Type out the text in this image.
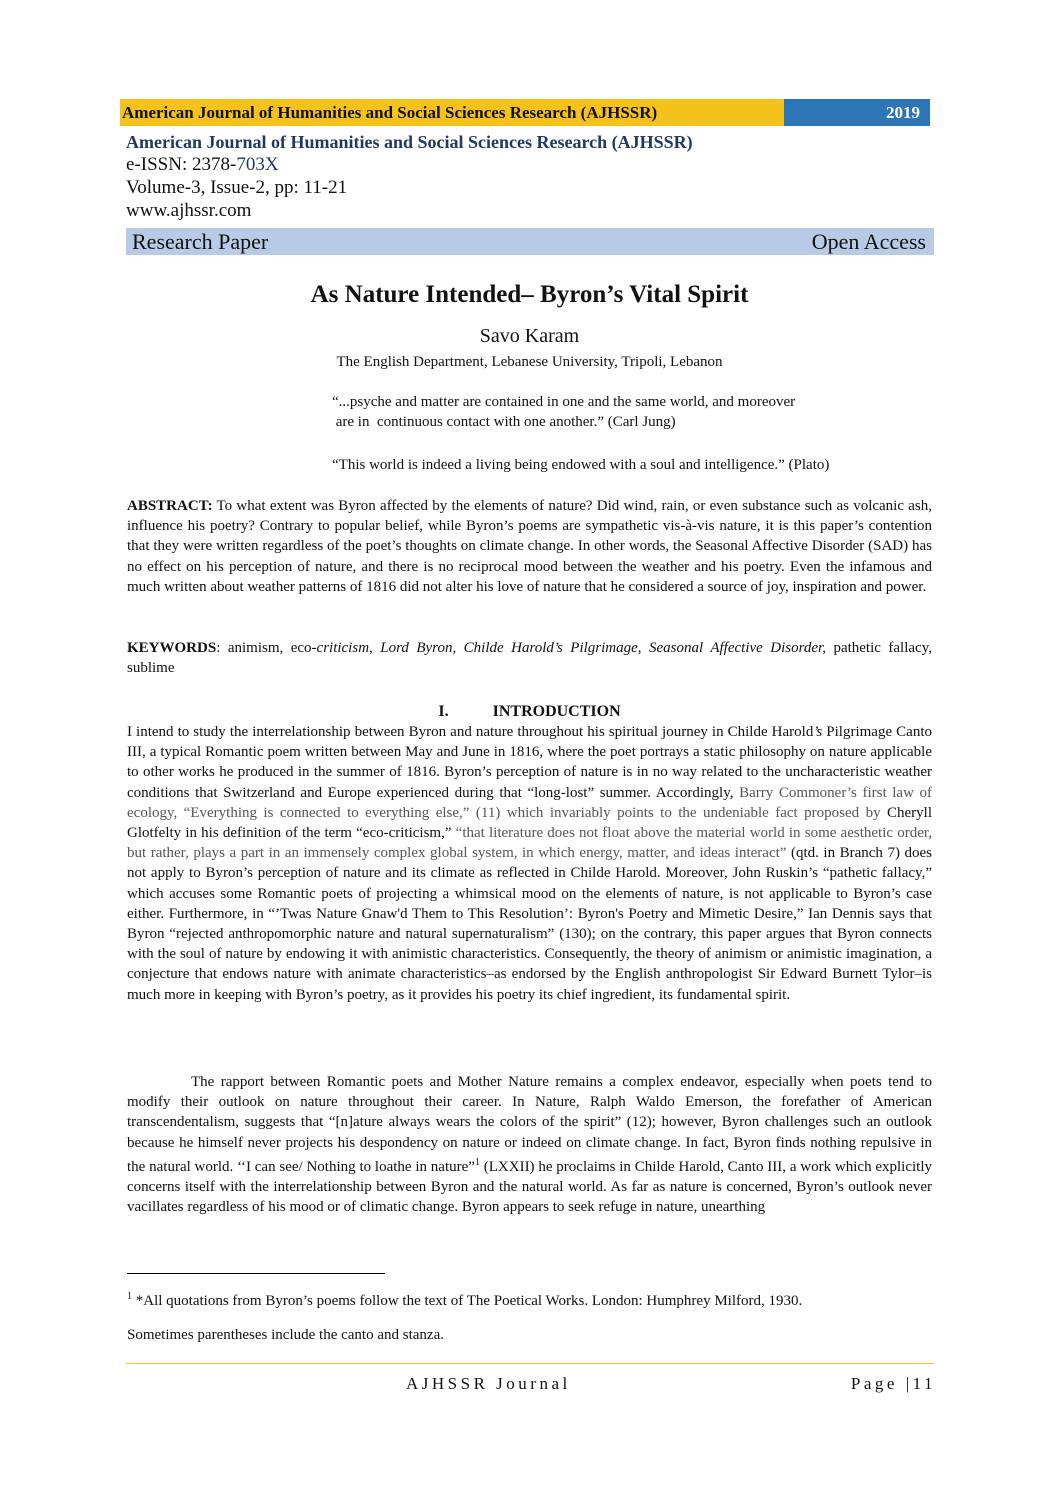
American Journal of Humanities and Social Sciences Research (AJHSSR)	2019
American Journal of Humanities and Social Sciences Research (AJHSSR)
e-ISSN: 2378-703X
Volume-3, Issue-2, pp: 11-21
www.ajhssr.com
Research Paper	Open Access
As Nature Intended– Byron’s Vital Spirit
Savo Karam
The English Department, Lebanese University, Tripoli, Lebanon
“...psyche and matter are contained in one and the same world, and moreover
are in  continuous contact with one another.” (Carl Jung)
“This world is indeed a living being endowed with a soul and intelligence.” (Plato)
ABSTRACT: To what extent was Byron affected by the elements of nature? Did wind, rain, or even substance such as volcanic ash, influence his poetry? Contrary to popular belief, while Byron’s poems are sympathetic vis-à-vis nature, it is this paper’s contention that they were written regardless of the poet’s thoughts on climate change. In other words, the Seasonal Affective Disorder (SAD) has no effect on his perception of nature, and there is no reciprocal mood between the weather and his poetry. Even the infamous and much written about weather patterns of 1816 did not alter his love of nature that he considered a source of joy, inspiration and power.
KEYWORDS: animism, eco-criticism, Lord Byron, Childe Harold’s Pilgrimage, Seasonal Affective Disorder, pathetic fallacy, sublime
I.	INTRODUCTION
I intend to study the interrelationship between Byron and nature throughout his spiritual journey in Childe Harold’s Pilgrimage Canto III, a typical Romantic poem written between May and June in 1816, where the poet portrays a static philosophy on nature applicable to other works he produced in the summer of 1816. Byron’s perception of nature is in no way related to the uncharacteristic weather conditions that Switzerland and Europe experienced during that “long-lost” summer. Accordingly, Barry Commoner’s first law of ecology, “Everything is connected to everything else,” (11) which invariably points to the undeniable fact proposed by Cheryll Glotfelty in his definition of the term “eco-criticism,” “that literature does not float above the material world in some aesthetic order, but rather, plays a part in an immensely complex global system, in which energy, matter, and ideas interact” (qtd. in Branch 7) does not apply to Byron’s perception of nature and its climate as reflected in Childe Harold. Moreover, John Ruskin’s “pathetic fallacy,” which accuses some Romantic poets of projecting a whimsical mood on the elements of nature, is not applicable to Byron’s case either. Furthermore, in “’Twas Nature Gnaw'd Them to This Resolution’: Byron's Poetry and Mimetic Desire,” Ian Dennis says that Byron “rejected anthropomorphic nature and natural supernaturalism” (130); on the contrary, this paper argues that Byron connects with the soul of nature by endowing it with animistic characteristics. Consequently, the theory of animism or animistic imagination, a conjecture that endows nature with animate characteristics–as endorsed by the English anthropologist Sir Edward Burnett Tylor–is much more in keeping with Byron’s poetry, as it provides his poetry its chief ingredient, its fundamental spirit.
The rapport between Romantic poets and Mother Nature remains a complex endeavor, especially when poets tend to modify their outlook on nature throughout their career. In Nature, Ralph Waldo Emerson, the forefather of American transcendentalism, suggests that “[n]ature always wears the colors of the spirit” (12); however, Byron challenges such an outlook because he himself never projects his despondency on nature or indeed on climate change. In fact, Byron finds nothing repulsive in the natural world. ‘‘I can see/ Nothing to loathe in nature”$^1$ (LXXII) he proclaims in Childe Harold, Canto III, a work which explicitly concerns itself with the interrelationship between Byron and the natural world. As far as nature is concerned, Byron’s outlook never vacillates regardless of his mood or of climatic change. Byron appears to seek refuge in nature, unearthing
$^1$ *All quotations from Byron’s poems follow the text of The Poetical Works. London: Humphrey Milford, 1930.
Sometimes parentheses include the canto and stanza.
AJHSSR Journal	Page |11
